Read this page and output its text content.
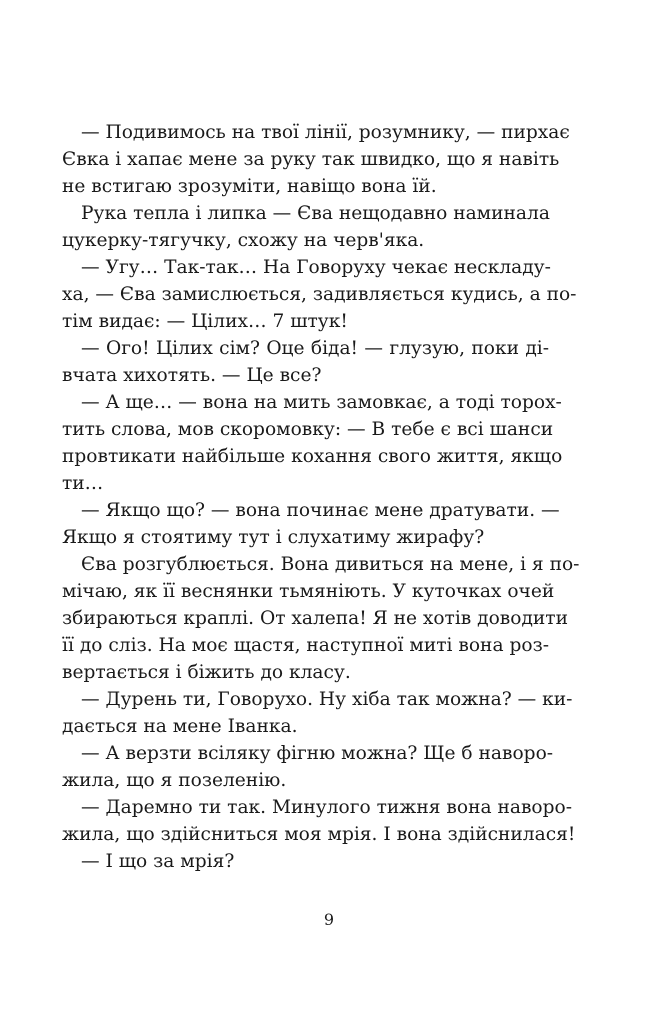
— Подивимось на твої лінії, розумнику, — пирхає
Євка і хапає мене за руку так швидко, що я навіть
не встигаю зрозуміти, навіщо вона їй.
Рука тепла і липка — Єва нещодавно наминала
цукерку-тягучку, схожу на черв'яка.
— Угу… Так-так… На Говоруху чекає нескладу-
ха, — Єва замислюється, задивляється кудись, а по-
тім видає: — Цілих… 7 штук!
— Ого! Цілих сім? Оце біда! — глузую, поки ді-
вчата хихотять. — Це все?
— А ще… — вона на мить замовкає, а тоді торох-
тить слова, мов скоромовку: — В тебе є всі шанси
провтикати найбільше кохання свого життя, якщо
ти…
— Якщо що? — вона починає мене дратувати. —
Якщо я стоятиму тут і слухатиму жирафу?
Єва розгублюється. Вона дивиться на мене, і я по-
мічаю, як її веснянки тьмяніють. У куточках очей
збираються краплі. От халепа! Я не хотів доводити
її до сліз. На моє щастя, наступної миті вона роз-
вертається і біжить до класу.
— Дурень ти, Говорухо. Ну хіба так можна? — ки-
дається на мене Іванка.
— А верзти всіляку фігню можна? Ще б навoро-
жила, що я позеленію.
— Даремно ти так. Минулого тижня вона наворо-
жила, що здійсниться моя мрія. І вона здійснилася!
— І що за мрія?
9
